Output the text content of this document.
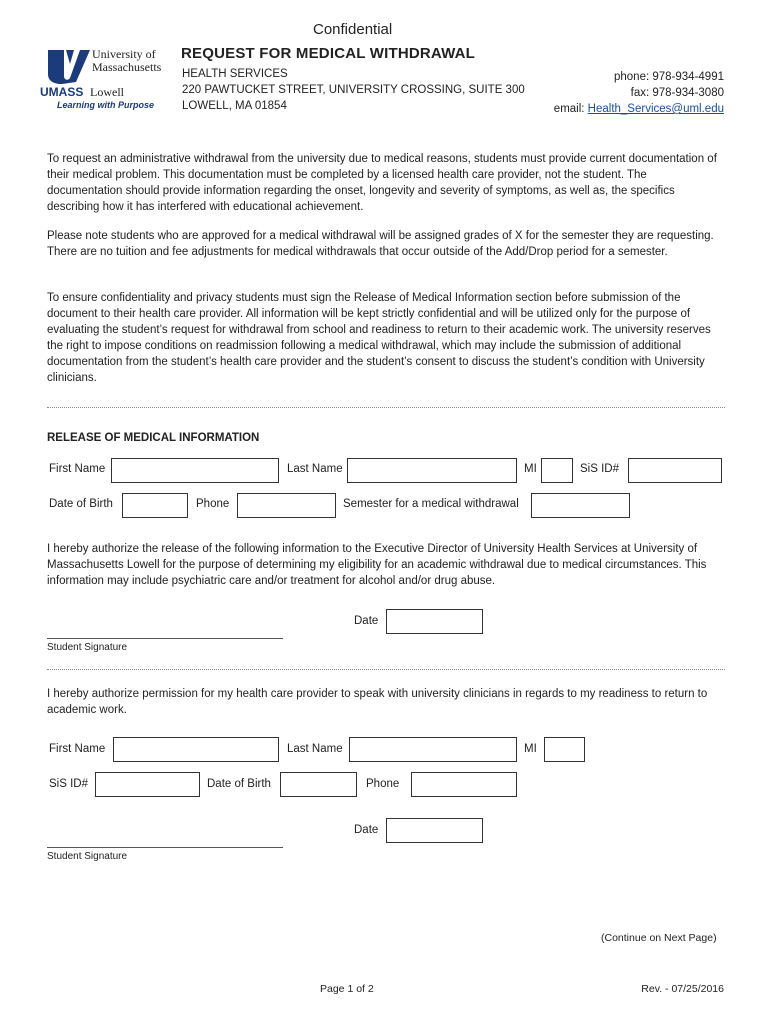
University of
Massachusetts
UMASS Lowell
Learning with Purpose
Confidential
REQUEST FOR MEDICAL WITHDRAWAL
HEALTH SERVICES
220 PAWTUCKET STREET, UNIVERSITY CROSSING, SUITE 300
LOWELL, MA 01854
phone: 978-934-4991
fax: 978-934-3080
email: Health_Services@uml.edu
To request an administrative withdrawal from the university due to medical reasons, students must provide current documentation of their medical problem. This documentation must be completed by a licensed health care provider, not the student. The documentation should provide information regarding the onset, longevity and severity of symptoms, as well as, the specifics describing how it has interfered with educational achievement.
Please note students who are approved for a medical withdrawal will be assigned grades of X for the semester they are requesting. There are no tuition and fee adjustments for medical withdrawals that occur outside of the Add/Drop period for a semester.
To ensure confidentiality and privacy students must sign the Release of Medical Information section before submission of the document to their health care provider. All information will be kept strictly confidential and will be utilized only for the purpose of evaluating the student’s request for withdrawal from school and readiness to return to their academic work. The university reserves the right to impose conditions on readmission following a medical withdrawal, which may include the submission of additional documentation from the student’s health care provider and the student’s consent to discuss the student’s condition with University clinicians.
RELEASE OF MEDICAL INFORMATION
First Name	Last Name	MI	SiS ID#
Date of Birth	Phone	Semester for a medical withdrawal
I hereby authorize the release of the following information to the Executive Director of University Health Services at University of Massachusetts Lowell for the purpose of determining my eligibility for an academic withdrawal due to medical circumstances. This information may include psychiatric care and/or treatment for alcohol and/or drug abuse.
Date
Student Signature
I hereby authorize permission for my health care provider to speak with university clinicians in regards to my readiness to return to academic work.
First Name	Last Name	MI
SiS ID#	Date of Birth	Phone
Date
Student Signature
(Continue on Next Page)
Page 1 of 2	Rev. - 07/25/2016
